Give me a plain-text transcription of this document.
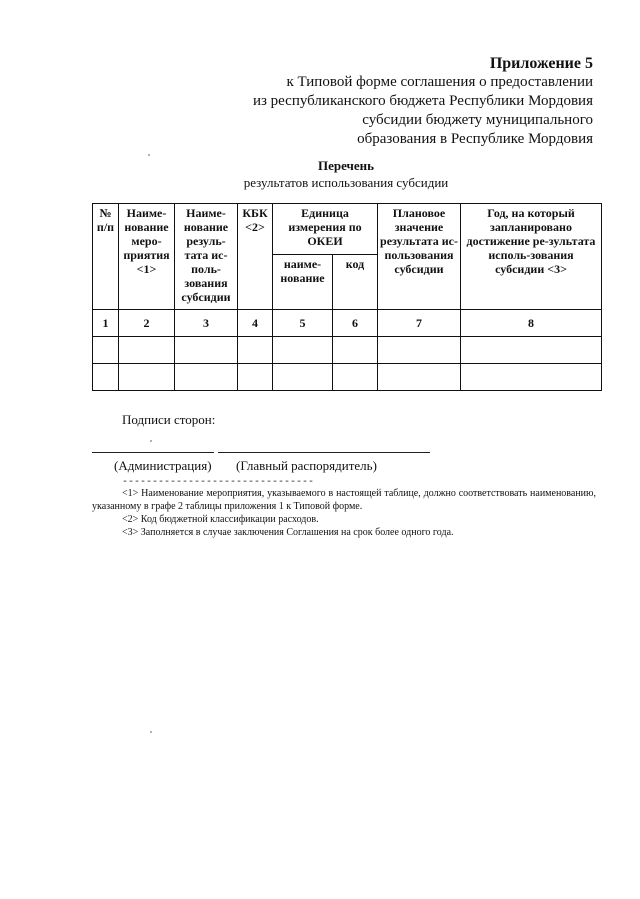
Приложение 5
к Типовой форме соглашения о предоставлении
из республиканского бюджета Республики Мордовия
субсидии бюджету муниципального
образования в Республике Мордовия
Перечень
результатов использования субсидии
№ п/п	Наиме-нование меро-приятия <1>	Наиме-нование резуль-тата ис-поль-зования субсидии	КБК <2>	Единица измерения по ОКЕИ		Плановое значение результата ис-пользования субсидии	Год, на который запланировано достижение ре-зультата исполь-зования субсидии <3>
				наиме-нование	код		
1	2	3	4	5	6	7	8

Подписи сторон:
(Администрация) (Главный распорядитель)
--------------------------------

<1> Наименование мероприятия, указываемого в настоящей таблице, должно соответствовать наименованию, указанному в графе 2 таблицы приложения 1 к Типовой форме.

<2> Код бюджетной классификации расходов.

<3> Заполняется в случае заключения Соглашения на срок более одного года.
